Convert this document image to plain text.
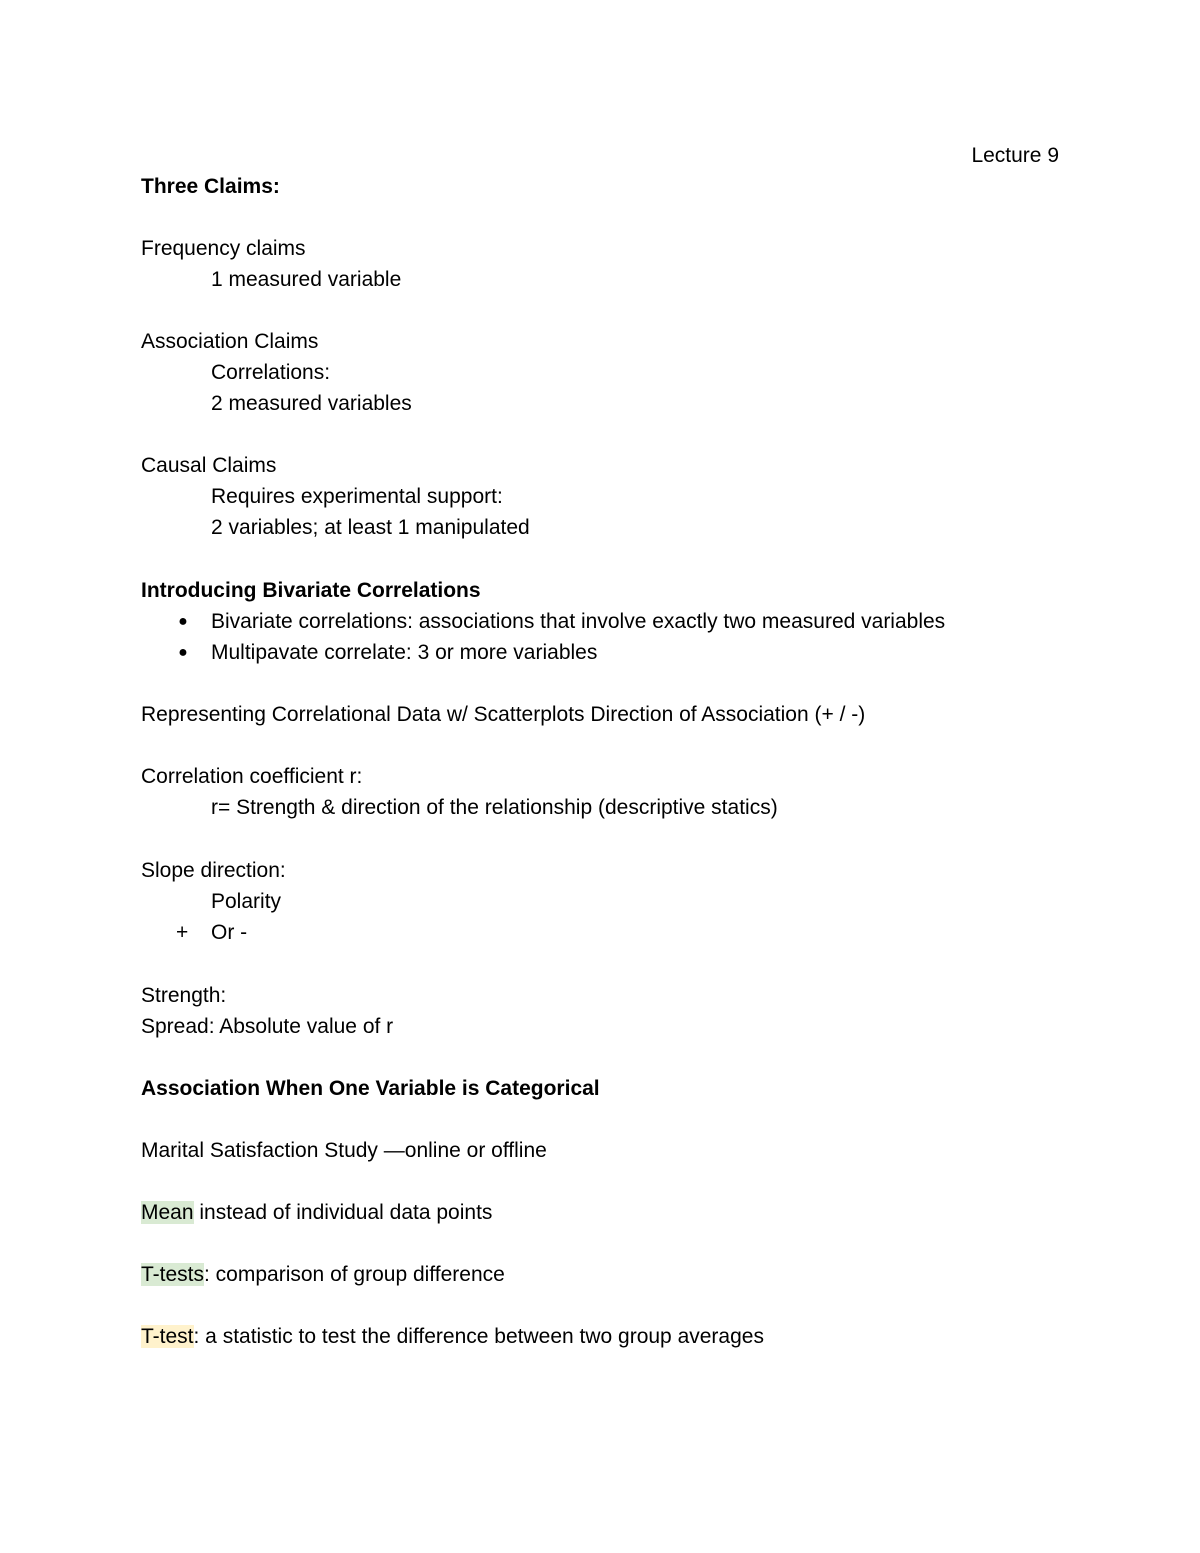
Lecture 9
Three Claims:
Frequency claims
1 measured variable
Association Claims
Correlations:
2 measured variables
Causal Claims
Requires experimental support:
2 variables; at least 1 manipulated
Introducing Bivariate Correlations
● Bivariate correlations: associations that involve exactly two measured variables
● Multipavate correlate: 3 or more variables
Representing Correlational Data w/ Scatterplots Direction of Association (+ / -)
Correlation coefficient r:
r= Strength & direction of the relationship (descriptive statics)
Slope direction:
Polarity
+ Or -
Strength:
Spread: Absolute value of r
Association When One Variable is Categorical
Marital Satisfaction Study —online or offline
Mean instead of individual data points
T-tests: comparison of group difference
T-test: a statistic to test the difference between two group averages
